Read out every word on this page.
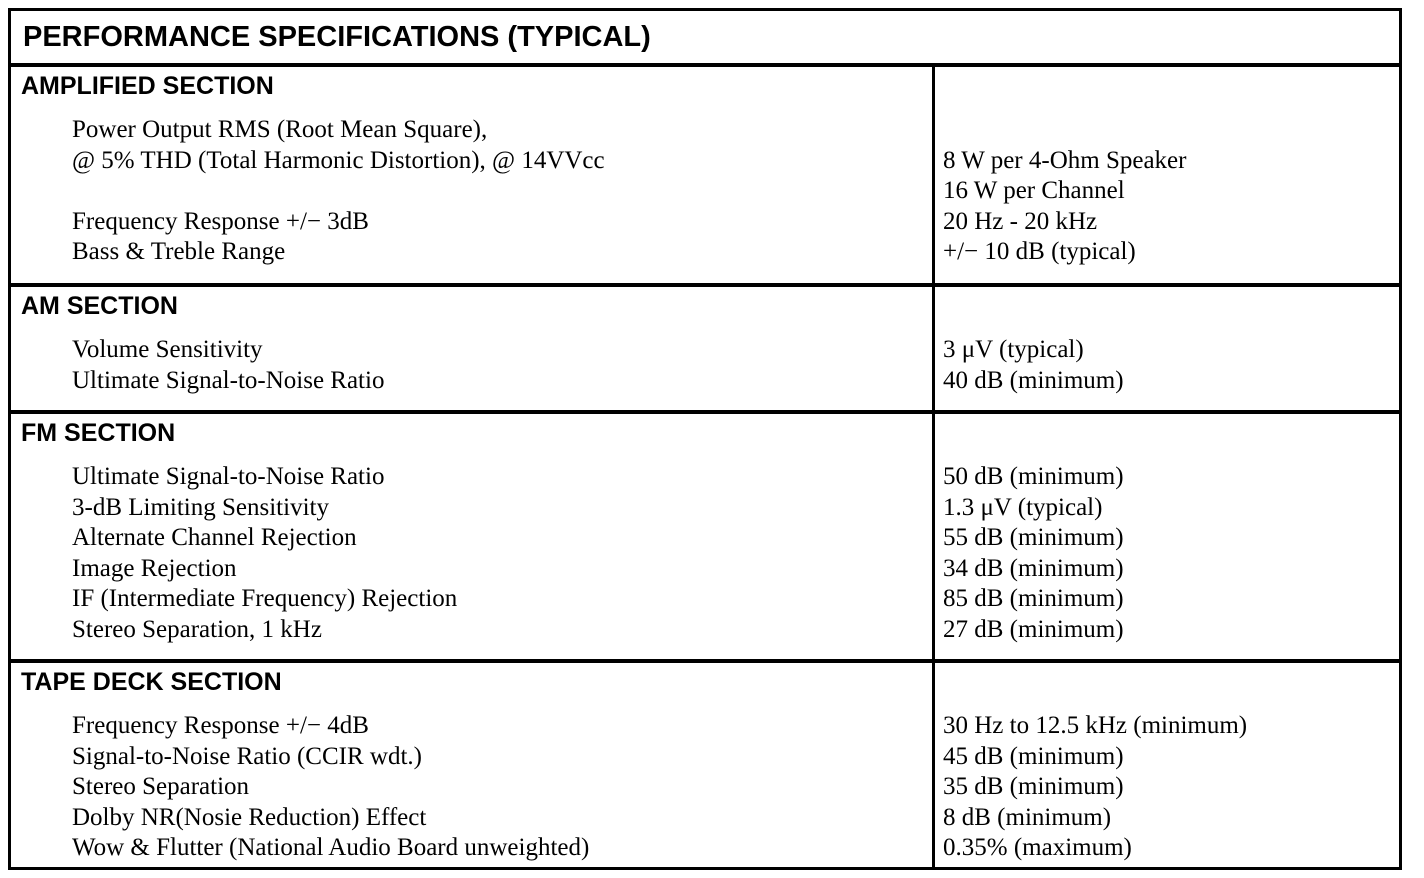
PERFORMANCE SPECIFICATIONS (TYPICAL)
AMPLIFIED SECTION
Power Output RMS (Root Mean Square),
@ 5% THD (Total Harmonic Distortion), @ 14VVcc
Frequency Response +/− 3dB
Bass & Treble Range
8 W per 4-Ohm Speaker
16 W per Channel
20 Hz - 20 kHz
+/− 10 dB (typical)
AM SECTION
Volume Sensitivity
Ultimate Signal-to-Noise Ratio
3 μV (typical)
40 dB (minimum)
FM SECTION
Ultimate Signal-to-Noise Ratio
3-dB Limiting Sensitivity
Alternate Channel Rejection
Image Rejection
IF (Intermediate Frequency) Rejection
Stereo Separation, 1 kHz
50 dB (minimum)
1.3 μV (typical)
55 dB (minimum)
34 dB (minimum)
85 dB (minimum)
27 dB (minimum)
TAPE DECK SECTION
Frequency Response +/− 4dB
Signal-to-Noise Ratio (CCIR wdt.)
Stereo Separation
Dolby NR(Nosie Reduction) Effect
Wow & Flutter (National Audio Board unweighted)
30 Hz to 12.5 kHz (minimum)
45 dB (minimum)
35 dB (minimum)
8 dB (minimum)
0.35% (maximum)
